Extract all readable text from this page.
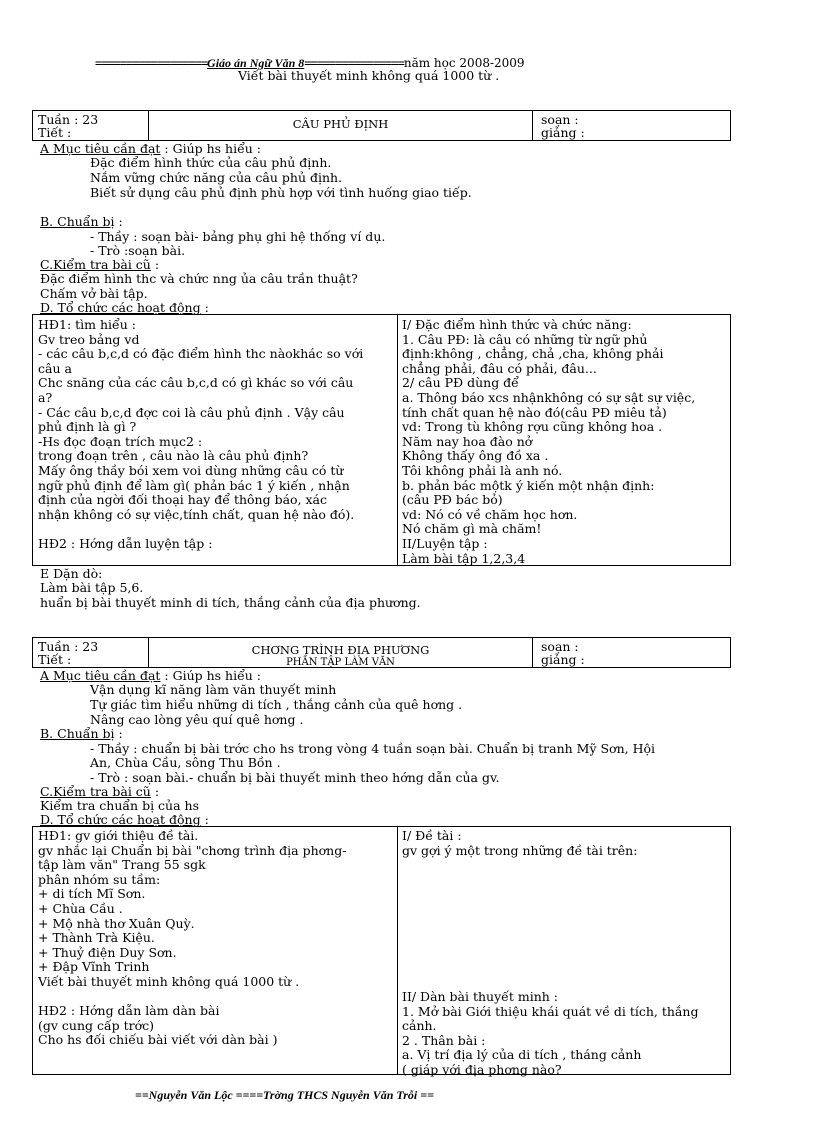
==================Giáo án Ngữ Văn 8================năm học 2008-2009
Viết bài thuyết minh không quá 1000 từ .
Tuần : 23
Tiết :
CÂU PHỦ ĐỊNH	soạn :
giảng :
A Mục tiêu cần đạt : Giúp hs hiểu :
Đặc điểm hình thức của câu phủ định.
Nắm vững chức năng của câu phủ định.
Biết sử dụng câu phủ định phù hợp với tình huống giao tiếp.
B. Chuẩn bị :
- Thầy : soạn bài- bảng phụ ghi hệ thống ví dụ.
- Trò :soạn bài.
C.Kiểm tra bài cũ :
Đặc điểm hình thc và chức nng ủa câu trần thuật?
Chấm vở bài tập.
D. Tổ chức các hoạt động :
HĐ1: tìm hiểu :
Gv treo bảng vd
- các câu b,c,d có đặc điểm hình thc nàokhác so với
câu a
Chc snăng của các câu b,c,d có gì khác so với câu
a?
- Các câu b,c,d đợc coi là câu phủ định . Vậy câu
phủ định là gì ?
-Hs đọc đoạn trích mục2 :
trong đoạn trên , câu nào là câu phủ định?
Mấy ông thầy bói xem voi dùng những câu có từ
ngữ phủ định để làm gì( phản bác 1 ý kiến , nhận
định của ngời đối thoại hay để thông báo, xác
nhận không có sự việc,tính chất, quan hệ nào đó).
HĐ2 : Hớng dẫn luyện tập :
I/ Đặc điểm hình thức và chức năng:
1. Câu PĐ: là câu có những từ ngữ phủ
định:không , chẳng, chả ,cha, không phải
chẳng phải, đâu có phải, đâu...
2/ câu PĐ dùng để
a. Thông báo xcs nhậnkhông có sự sật sự việc,
tính chất quan hệ nào đó(câu PĐ miêu tả)
vd: Trong tù không rợu cũng không hoa .
Năm nay hoa đào nở
Không thấy ông đồ xa .
Tôi không phải là anh nó.
b. phản bác mộtk ý kiến một nhận định:
(câu PĐ bác bỏ)
vd: Nó có về chăm học hơn.
Nó chăm gì mà chăm!
II/Luyện tập :
Làm bài tập 1,2,3,4
E Dặn dò:
Làm bài tập 5,6.
huẩn bị bài thuyết minh di tích, thắng cảnh của địa phương.
Tuần : 23
Tiết :
CHƠNG TRÌNH ĐỊA PHƯƠNG
PHẦN TẬP LÀM VĂN
soạn :
giảng :
A Mục tiêu cần đạt : Giúp hs hiểu :
Vận dụng kĩ năng làm văn thuyết minh
Tự giác tìm hiểu những di tích , thắng cảnh của quê hơng .
Nâng cao lòng yêu quí quê hơng .
B. Chuẩn bị :
- Thầy : chuẩn bị bài trớc cho hs trong vòng 4 tuần soạn bài. Chuẩn bị tranh Mỹ Sơn, Hội
An, Chùa Cầu, sông Thu Bồn .
- Trò : soạn bài.- chuẩn bị bài thuyết minh theo hớng dẫn của gv.
C.Kiểm tra bài cũ :
Kiểm tra chuẩn bị của hs
D. Tổ chức các hoạt động :
HĐ1: gv giới thiệu đề tài.
gv nhắc lại Chuẩn bị bài "chơng trình địa phơng-
tập làm văn" Trang 55 sgk
phân nhóm su tầm:
+ di tích Mĩ Sơn.
+ Chùa Cầu .
+ Mộ nhà thơ Xuân Quỳ.
+ Thành Trà Kiệu.
+ Thuỷ điện Duy Sơn.
+ Đập Vĩnh Trinh
Viết bài thuyết minh không quá 1000 từ .
HĐ2 : Hớng dẫn làm dàn bài
(gv cung cấp trớc)
Cho hs đối chiếu bài viết với dàn bài )
I/ Đề tài :
gv gợi ý một trong những đề tài trên:
II/ Dàn bài thuyết minh :
1. Mở bài Giới thiệu khái quát về di tích, thắng
cảnh.
2 . Thân bài :
a. Vị trí địa lý của di tích , tháng cảnh
( giáp với địa phơng nào?
==Nguyễn Văn Lộc ====Trờng THCS Nguyễn Văn Trỗi ==
